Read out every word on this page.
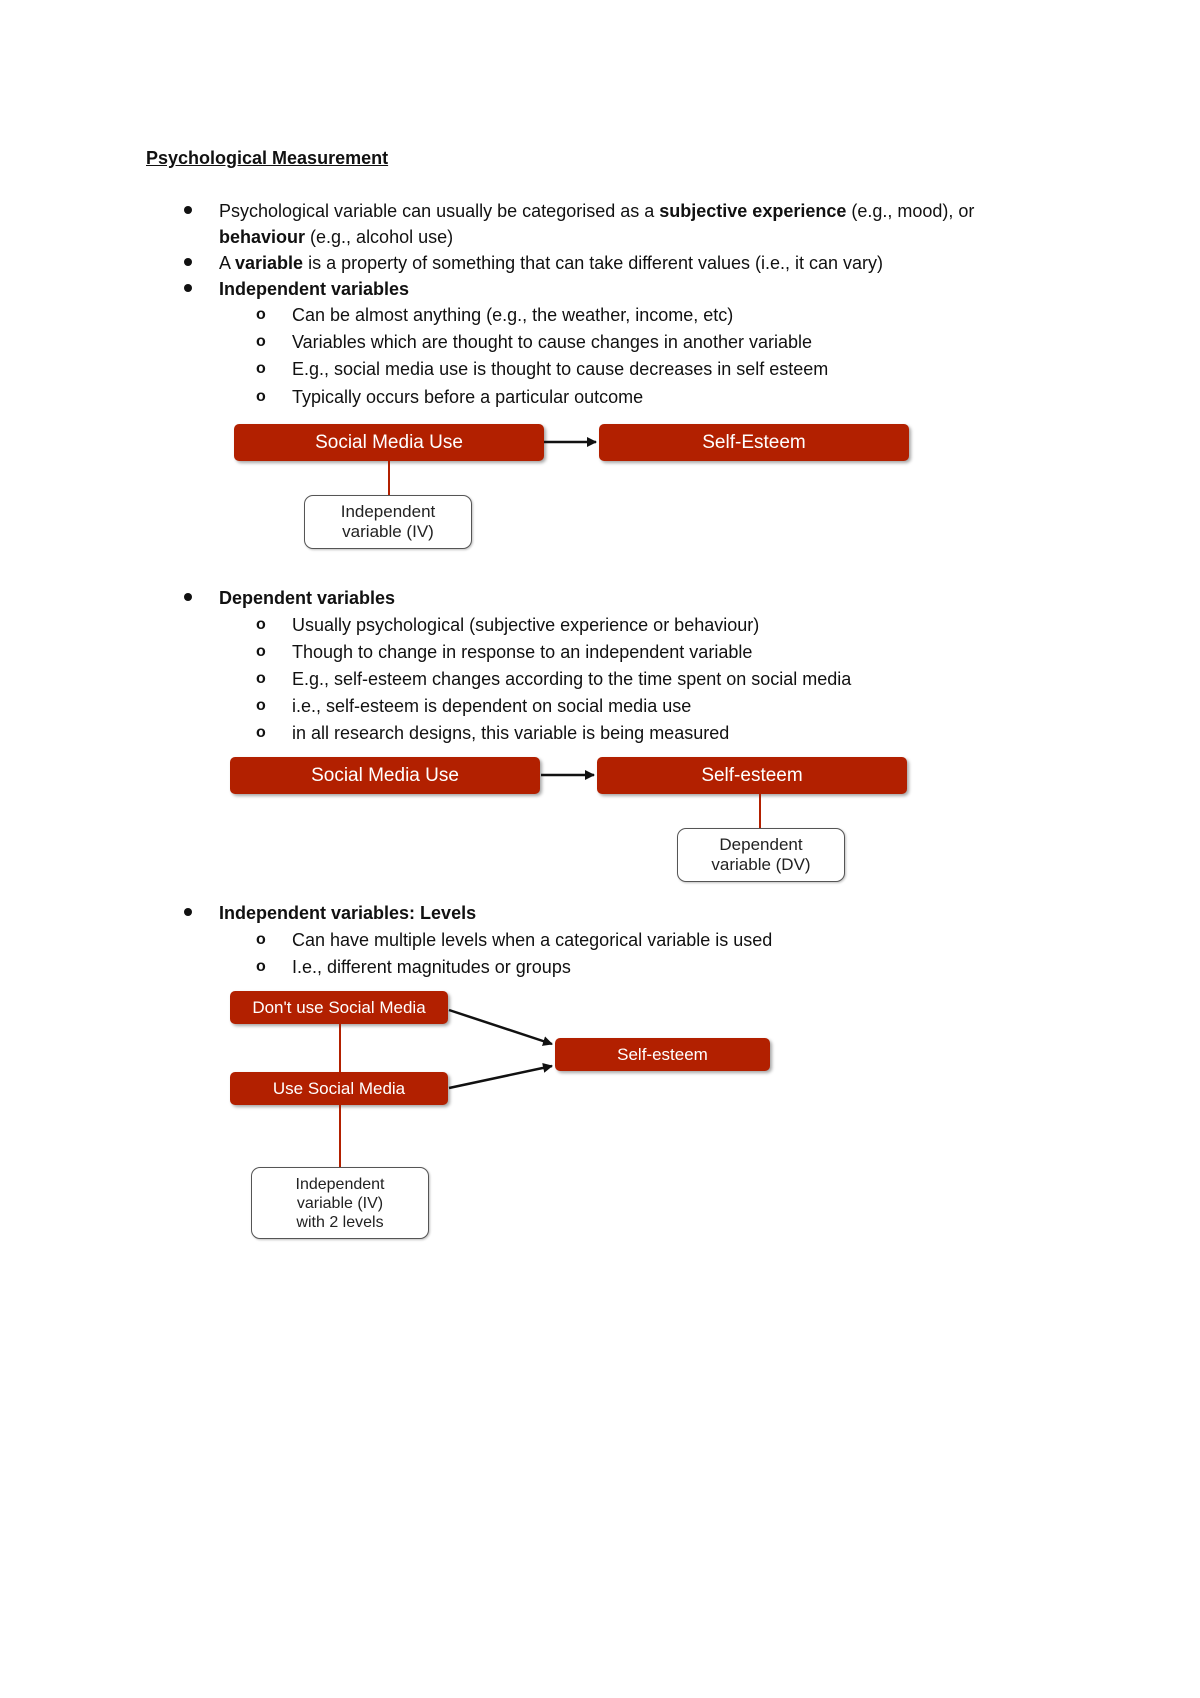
Psychological Measurement
Psychological variable can usually be categorised as a subjective experience (e.g., mood), or
behaviour (e.g., alcohol use)
A variable is a property of something that can take different values (i.e., it can vary)
Independent variables
o Can be almost anything (e.g., the weather, income, etc)
o Variables which are thought to cause changes in another variable
o E.g., social media use is thought to cause decreases in self esteem
o Typically occurs before a particular outcome
Social Media Use	Self-Esteem
Independent
variable (IV)
Dependent variables
o Usually psychological (subjective experience or behaviour)
o Though to change in response to an independent variable
o E.g., self-esteem changes according to the time spent on social media
o i.e., self-esteem is dependent on social media use
o in all research designs, this variable is being measured
Social Media Use	Self-esteem
Dependent
variable (DV)
Independent variables: Levels
o Can have multiple levels when a categorical variable is used
o I.e., different magnitudes or groups
Don't use Social Media
Use Social Media
Self-esteem
Independent
variable (IV)
with 2 levels
